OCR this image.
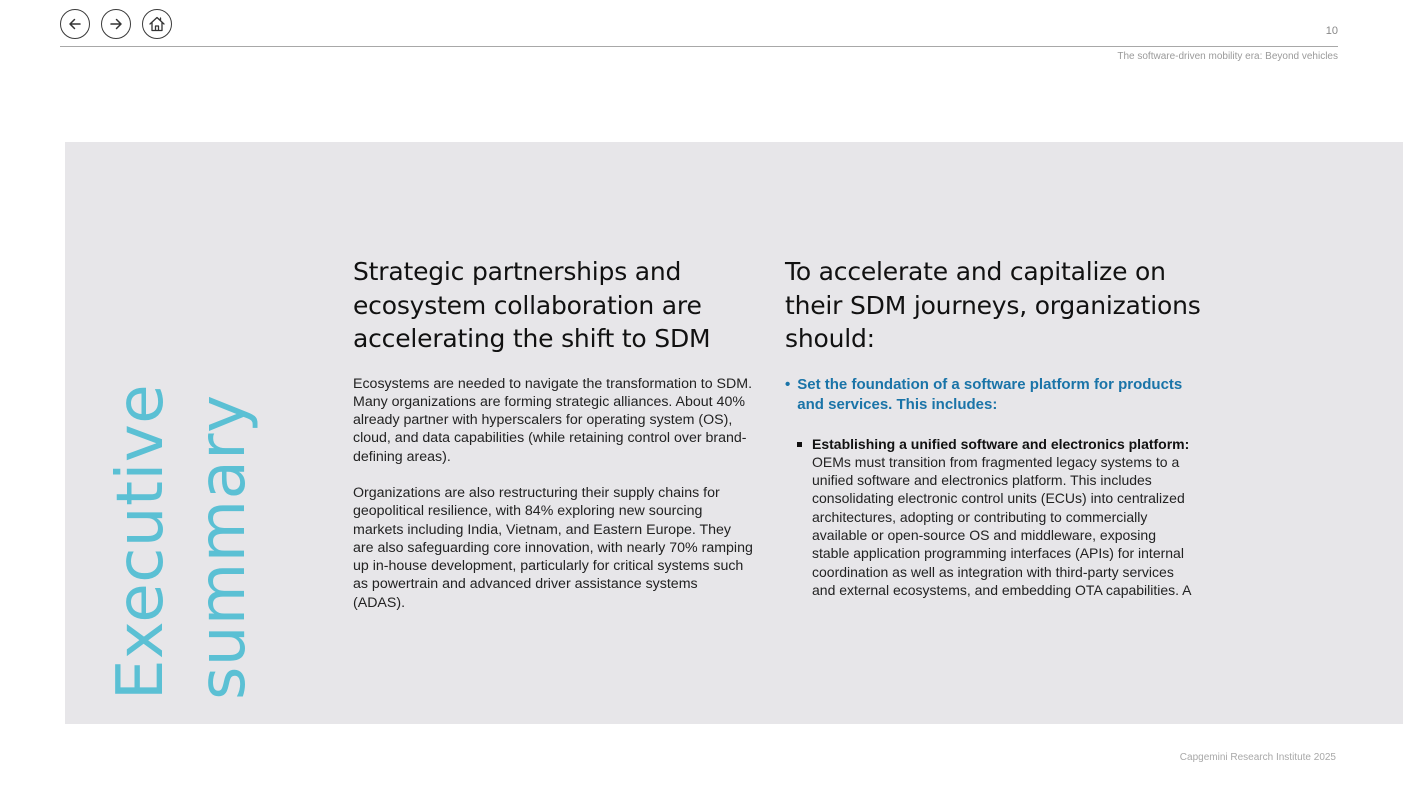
10
The software-driven mobility era: Beyond vehicles
Executive summary
Strategic partnerships and ecosystem collaboration are accelerating the shift to SDM

Ecosystems are needed to navigate the transformation to SDM. Many organizations are forming strategic alliances. About 40% already partner with hyperscalers for operating system (OS), cloud, and data capabilities (while retaining control over brand-defining areas).

Organizations are also restructuring their supply chains for geopolitical resilience, with 84% exploring new sourcing markets including India, Vietnam, and Eastern Europe. They are also safeguarding core innovation, with nearly 70% ramping up in-house development, particularly for critical systems such as powertrain and advanced driver assistance systems (ADAS).

To accelerate and capitalize on their SDM journeys, organizations should:
• Set the foundation of a software platform for products and services. This includes:
Establishing a unified software and electronics platform: OEMs must transition from fragmented legacy systems to a unified software and electronics platform. This includes consolidating electronic control units (ECUs) into centralized architectures, adopting or contributing to commercially available or open-source OS and middleware, exposing stable application programming interfaces (APIs) for internal coordination as well as integration with third-party services and external ecosystems, and embedding OTA capabilities. A
Capgemini Research Institute 2025
